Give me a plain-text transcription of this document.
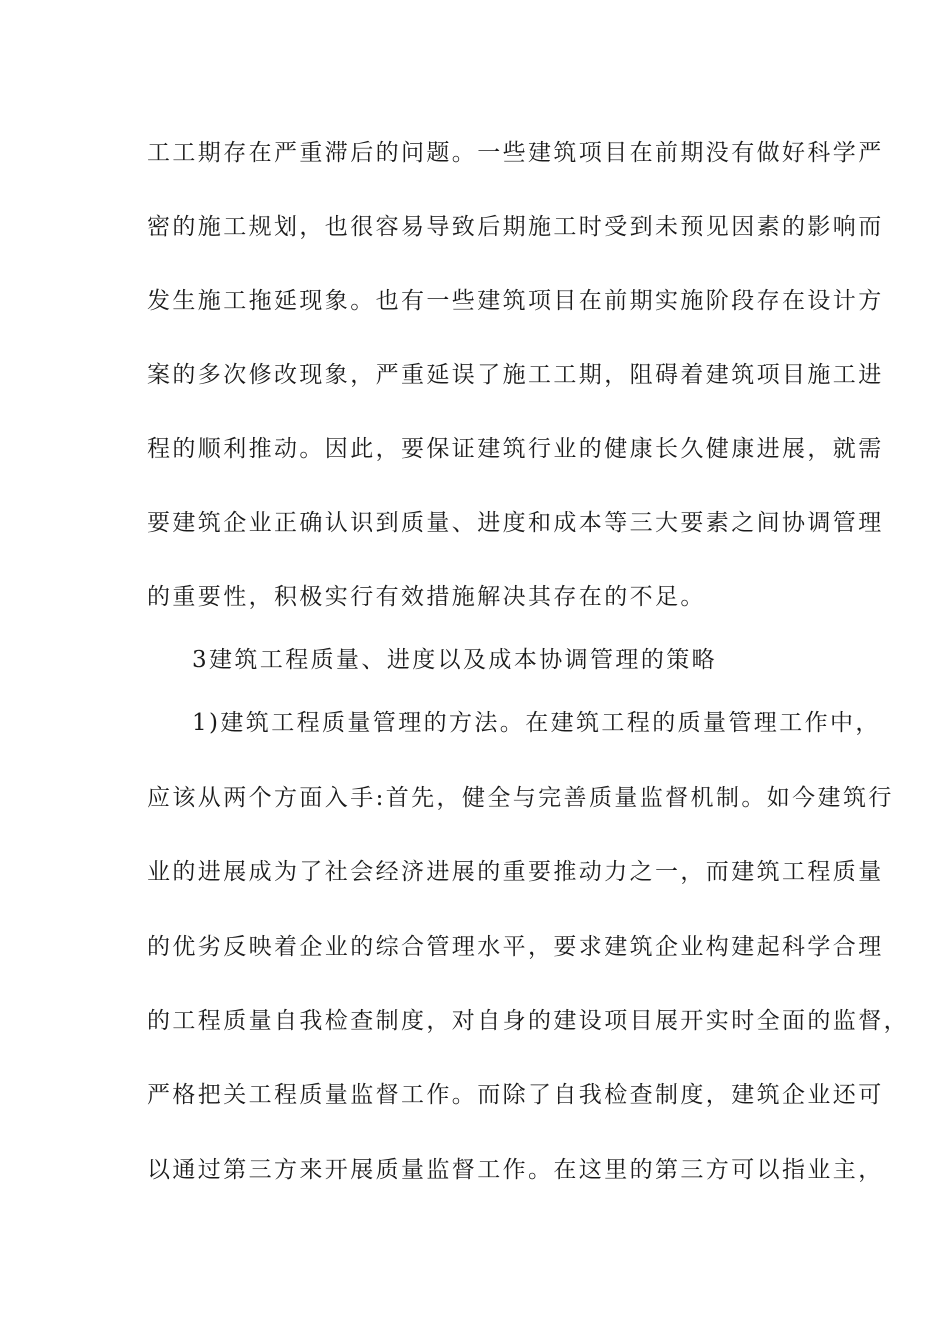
工工期存在严重滞后的问题。一些建筑项目在前期没有做好科学严

密的施工规划，也很容易导致后期施工时受到未预见因素的影响而

发生施工拖延现象。也有一些建筑项目在前期实施阶段存在设计方

案的多次修改现象，严重延误了施工工期，阻碍着建筑项目施工进

程的顺利推动。因此，要保证建筑行业的健康长久健康进展，就需

要建筑企业正确认识到质量、进度和成本等三大要素之间协调管理

的重要性，积极实行有效措施解决其存在的不足。

3建筑工程质量、进度以及成本协调管理的策略

1)建筑工程质量管理的方法。在建筑工程的质量管理工作中，

应该从两个方面入手:首先，健全与完善质量监督机制。如今建筑行

业的进展成为了社会经济进展的重要推动力之一，而建筑工程质量

的优劣反映着企业的综合管理水平，要求建筑企业构建起科学合理

的工程质量自我检查制度，对自身的建设项目展开实时全面的监督，

严格把关工程质量监督工作。而除了自我检查制度，建筑企业还可

以通过第三方来开展质量监督工作。在这里的第三方可以指业主，
